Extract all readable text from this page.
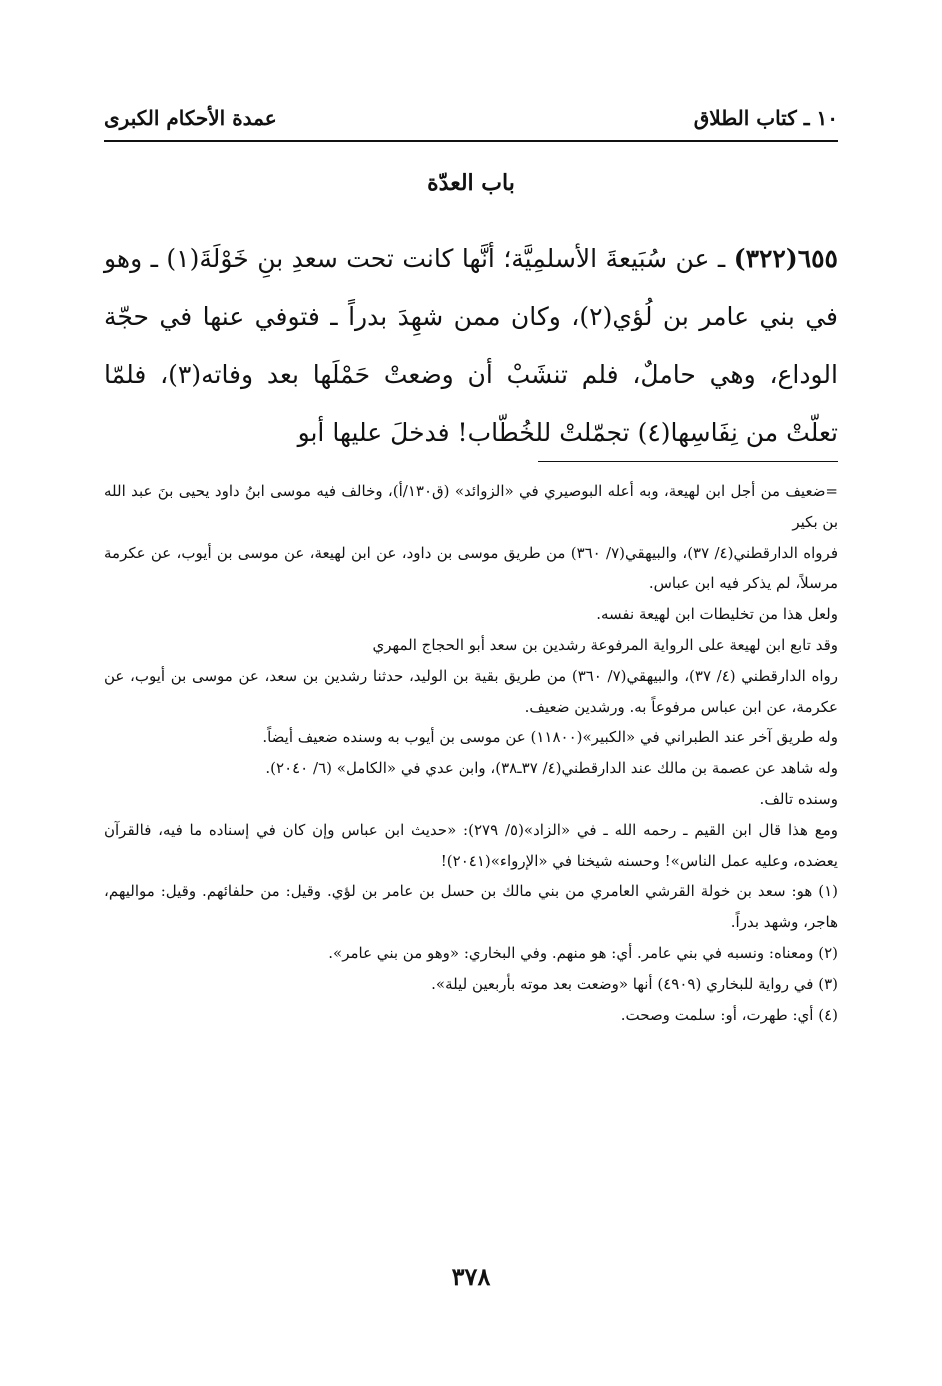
١٠ ـ كتاب الطلاق
عمدة الأحكام الكبرى
باب العدّة
٦٥٥(٣٢٢) ـ عن سُبَيعةَ الأسلمِيَّة؛ أنَّها كانت تحت سعدِ بنِ خَوْلَةَ(١) ـ وهو في بني عامر بن لُؤي(٢)، وكان ممن شهِدَ بدراً ـ فتوفي عنها في حجّة الوداع، وهي حاملٌ، فلم تنشَبْ أن وضعتْ حَمْلَها بعد وفاته(٣)، فلمّا تعلّتْ من نِفَاسِها(٤) تجمّلتْ للخُطّاب! فدخلَ عليها أبو

=ضعيف من أجل ابن لهيعة، وبه أعله البوصيري في «الزوائد» (ق١٣٠/أ)، وخالف فيه موسى ابنُ داود يحيى بنَ عبد الله بن بكير

فرواه الدارقطني(٤/ ٣٧)، والبيهقي(٧/ ٣٦٠) من طريق موسى بن داود، عن ابن لهيعة، عن موسى بن أيوب، عن عكرمة مرسلاً، لم يذكر فيه ابن عباس.

ولعل هذا من تخليطات ابن لهيعة نفسه.

وقد تابع ابن لهيعة على الرواية المرفوعة رشدين بن سعد أبو الحجاج المهري

رواه الدارقطني (٤/ ٣٧)، والبيهقي(٧/ ٣٦٠) من طريق بقية بن الوليد، حدثنا رشدين بن سعد، عن موسى بن أيوب، عن عكرمة، عن ابن عباس مرفوعاً به. ورشدين ضعيف.

وله طريق آخر عند الطبراني في «الكبير»(١١٨٠٠) عن موسى بن أيوب به وسنده ضعيف أيضاً.

وله شاهد عن عصمة بن مالك عند الدارقطني(٤/ ٣٧ـ٣٨)، وابن عدي في «الكامل» (٦/ ٢٠٤٠).

وسنده تالف.

ومع هذا قال ابن القيم ـ رحمه الله ـ في «الزاد»(٥/ ٢٧٩): «حديث ابن عباس وإن كان في إسناده ما فيه، فالقرآن يعضده، وعليه عمل الناس»! وحسنه شيخنا في «الإرواء»(٢٠٤١)!

(١) هو: سعد بن خولة القرشي العامري من بني مالك بن حسل بن عامر بن لؤي. وقيل: من حلفائهم. وقيل: مواليهم، هاجر، وشهد بدراً.

(٢) ومعناه: ونسبه في بني عامر. أي: هو منهم. وفي البخاري: «وهو من بني عامر».

(٣) في رواية للبخاري (٤٩٠٩) أنها «وضعت بعد موته بأربعين ليلة».

(٤) أي: طهرت، أو: سلمت وصحت.

٣٧٨
